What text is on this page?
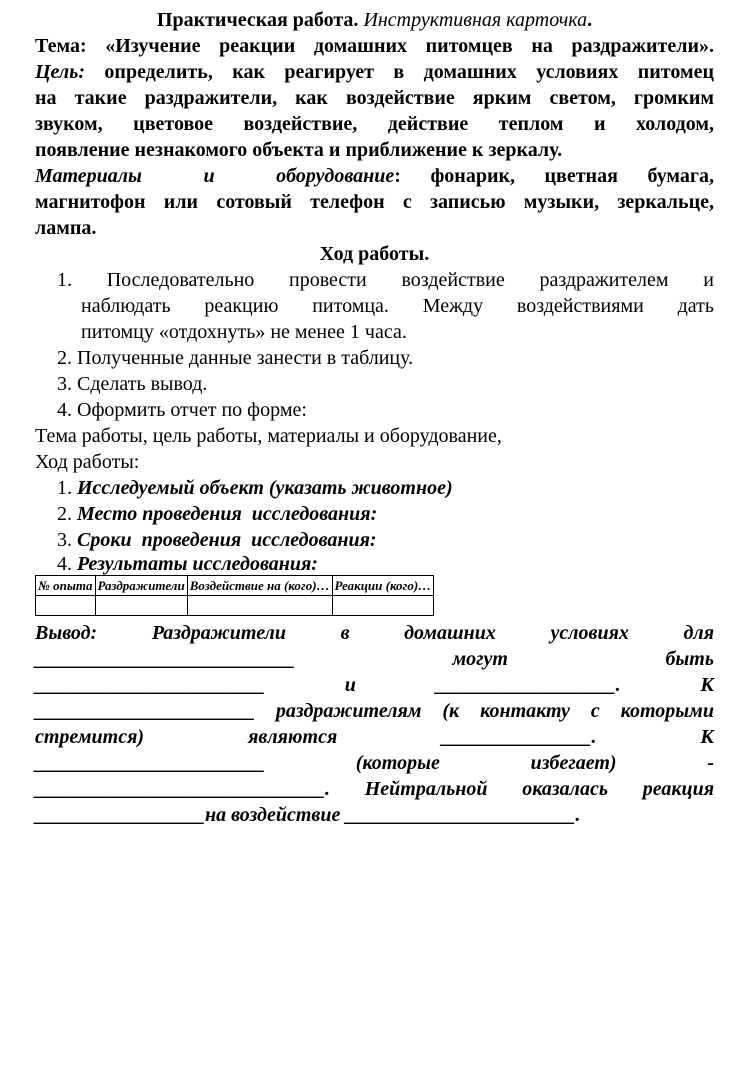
Практическая работа. Инструктивная карточка.
Тема: «Изучение реакции домашних питомцев на раздражители».
Цель: определить, как реагирует в домашних условиях питомец
на такие раздражители, как воздействие ярким светом, громким
звуком, цветовое воздействие, действие теплом и холодом,
появление незнакомого объекта и приближение к зеркалу.
Материалы и оборудование: фонарик, цветная бумага,
магнитофон или сотовый телефон с записью музыки, зеркальце,
лампа.
Ход работы.
1. Последовательно провести воздействие раздражителем и
наблюдать реакцию питомца. Между воздействиями дать
питомцу «отдохнуть» не менее 1 часа.
2. Полученные данные занести в таблицу.
3. Сделать вывод.
4. Оформить отчет по форме:
Тема работы, цель работы, материалы и оборудование,
Ход работы:
1. Исследуемый объект (указать животное)
2. Место проведения  исследования:
3. Сроки  проведения  исследования:
4. Результаты исследования:
№ опыта	Раздражители	Воздействие на (кого)…	Реакции (кого)…

Вывод: Раздражители в домашних условиях для
__________________________ могут быть
_______________________ и __________________. К
______________________ раздражителям (к контакту с которыми
стремится) являются _______________. К
_______________________ (которые избегает) -
_____________________________. Нейтральной оказалась реакция
_________________на воздействие _______________________.
